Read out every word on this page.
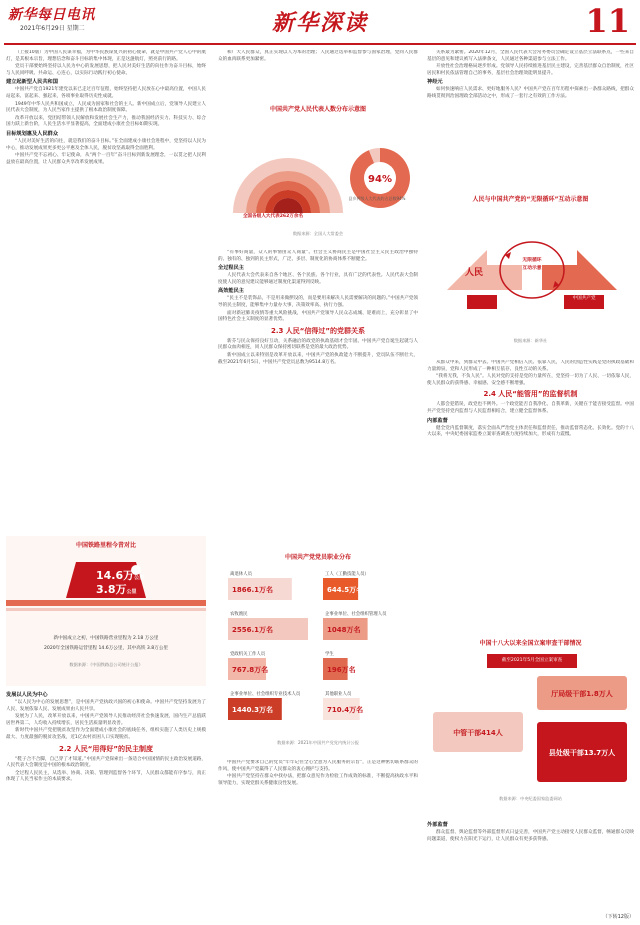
新华每日电讯
2021年6月29日 星期二	新华深读	11

（上接10版）为中国人民谋幸福，为中华民族谋复兴的初心使命，就是中国共产党人心中的航灯，是其根本宗旨，理想信念和奋斗目标的集中体现，正是这盏航灯，照亮前行的路。

党员干部要始终坚持以人民为中心的发展思想，把人民对美好生活的向往作为奋斗目标，始终与人民同呼吸、共命运、心连心，以实际行动践行初心使命。

建立起新型人民共和国

中国共产党自1921年建党以来已走过百年征程，始终坚持把人民放在心中最高位置，中国人民站起来、富起来、强起来，各项事业取得历史性成就。

1949年中华人民共和国成立，人民成为国家和社会的主人。新中国成立后，党领导人民建立人民代表大会制度，为人民当家作主提供了根本政治制度保障。

改革开放以来，党团结带领人民解放和发展社会生产力，推动我国经济实力、科技实力、综合国力跃上新台阶，人民生活水平显著提高，全面建成小康社会目标如期实现。

目标规划惠及人民群众

“人民对美好生活的向往，就是我们的奋斗目标。”在全面建成小康社会进程中，党坚持以人民为中心，推动发展成果更多更公平惠及全体人民，脱贫攻坚战取得全面胜利。

中国共产党不忘初心、牢记使命，从“两个一百年”奋斗目标到新发展理念，一以贯之把人民利益放在最高位置，让人民群众共享改革发展成果。

和广大人民群众，真正实现以人为本的治理；人民通过选举和监督参与国家治理，党同人民群众的血肉联系更加紧密。

中国共产党人民代表人数分布示意图
94%
全国人大代表约3000名
省级人大代表约2万名
市级人大代表约12万名
县级人大代表约60万名
乡级人大代表约200万名
全国各级人大代表262万余名
县乡两级人大代表约占总数94%
数据来源：全国人大常委会

“有事好商量，众人的事情由众人商量”。社会主义协商民主是中国社会主义民主政治中独特的、独有的、独到的民主形式，广泛、多层、制度化的协商体系不断健全。

全过程民主

人民代表大会代表来自各个地区、各个民族、各个行业，具有广泛的代表性。人民代表大会制度使人民的意见建议能够通过制度化渠道得到反映。

高效能民主

“民主不是装饰品，不是用来做摆设的，而是要用来解决人民需要解决的问题的。”中国共产党领导的民主制度，能够集中力量办大事，决策效率高、执行力强。

面对新冠肺炎疫情等重大风险挑战，中国共产党领导人民众志成城、迎难而上，充分彰显了中国特色社会主义制度的显著优势。

2.3 人民“信得过”的党群关系

新芬与民众保持良好互动，关系融洽的政党的执政基础才会牢固。中国共产党自诞生起就与人民群众血肉相连，同人民群众保持密切联系是党的最大政治优势。

新中国成立以来特别是改革开放以来，中国共产党的执政能力不断提升，党员队伍不断壮大，截至2021年6月5日，中国共产党党员总数为9514.8万名。

关系最为紧密。2020年12月，全国人民代表大会常务委员会确定设立基层立法联系点，一些来自基层的意见和建议被写入法律条文，人民通过各种渠道参与立法工作。

开放性社会治理格局逐步形成。党领导人民持续推进基层民主建设，完善基层群众自治制度，社区居民和村民依法管理自己的事务，基层社会治理效能明显提升。

神经元

如何快速响应人民需求、更好地服务人民？中国共产党在百年历程中探索出一条群众路线，把群众路线贯彻到治国理政全部活动之中，形成了一套行之有效的工作方法。

人民与中国共产党的“无限循环”互动示意图
人民
中国共产党
无限循环
互动示意
数据来源：新华社

从群众中来，到群众中去。中国共产党相信人民、依靠人民，人民的创造性实践是党的执政基础和力量源泉，党和人民形成了一种相互依存、良性互动的关系。

“我将无我，不负人民”。人民对党的支持是党的力量所在，党坚持一切为了人民、一切依靠人民，使人民群众的获得感、幸福感、安全感不断增强。

2.4 人民“能管用”的监督机制

人都会犯错误，政党也不例外。一个政党能否自我净化、自我革新，关键在于能否接受监督。中国共产党坚持党内监督与人民监督相结合，建立健全监督体系。

内部监督

健全党内监督制度，落实全面从严治党主体责任和监督责任，推动监督常态化、长效化。党的十八大以来，中央纪委国家监委立案审查调查力度持续加大，形成有力震慑。

中国铁路里程今昔对比
14.6万公里
3.8万公里
新中国成立之初，中国铁路营业里程为 2.18 万公里
2020年全国铁路运营里程 14.6万公里，其中高铁 3.8万公里
数据来源：《中国铁路总公司统计公报》
发展以人民为中心

“以人民为中心的发展思想”，是中国共产党执政兴国的初心和使命。中国共产党坚持发展为了人民、发展依靠人民、发展成果由人民共享。

发展为了人民，改革开放以来，中国共产党领导人民推动经济社会快速发展，国内生产总值跃居世界第二，人均收入持续增长，居民生活质量明显改善。

新时代中国共产党把脱贫攻坚作为全面建成小康社会的底线任务，组织实施了人类历史上规模最大、力度最强的脱贫攻坚战，近1亿农村贫困人口实现脱贫。

2.2 人民“用得好”的民主制度

“鞋子合不合脚，自己穿了才知道。”中国共产党探索出一条适合中国国情的民主政治发展道路，人民代表大会制度是中国的根本政治制度。

全过程人民民主，从选举、协商、决策、管理到监督各个环节，人民群众都能有序参与，真正体现了人民当家作主的本质要求。

中国共产党党员职业分布
离退休人员
1866.1万名
工人（工勤技能人员）
644.5万名
农牧渔民
2556.1万名
企事业单位、社会组织管理人员
1048万名
党政机关工作人员
767.8万名
学生
196万名
企事业单位、社会组织专业技术人员
1440.3万名
其他职业人员
710.4万名
数据来源：2021年中国共产党党内统计公报

中国共产党要求自己的党员“牢牢记住全心全意为人民服务的宗旨”，正是这种密切联系群众的作风，使中国共产党赢得了人民群众的衷心拥护与支持。

中国共产党坚持在群众中找办法，把群众意见作为检验工作成效的标准，不断提高执政水平和领导能力，实现党群关系健康良性发展。

中国十八大以来全国立案审查干部情况
截至2021年5月全国立案审查
中管干部414人
厅局级干部1.8万人
县处级干部13.7万人
数据来源：中央纪委国家监委网站
外部监督

群众监督、舆论监督等外部监督形式日益完善，中国共产党主动接受人民群众监督，畅通群众反映问题渠道，使权力在阳光下运行，让人民群众有更多获得感。

（下转12版）
